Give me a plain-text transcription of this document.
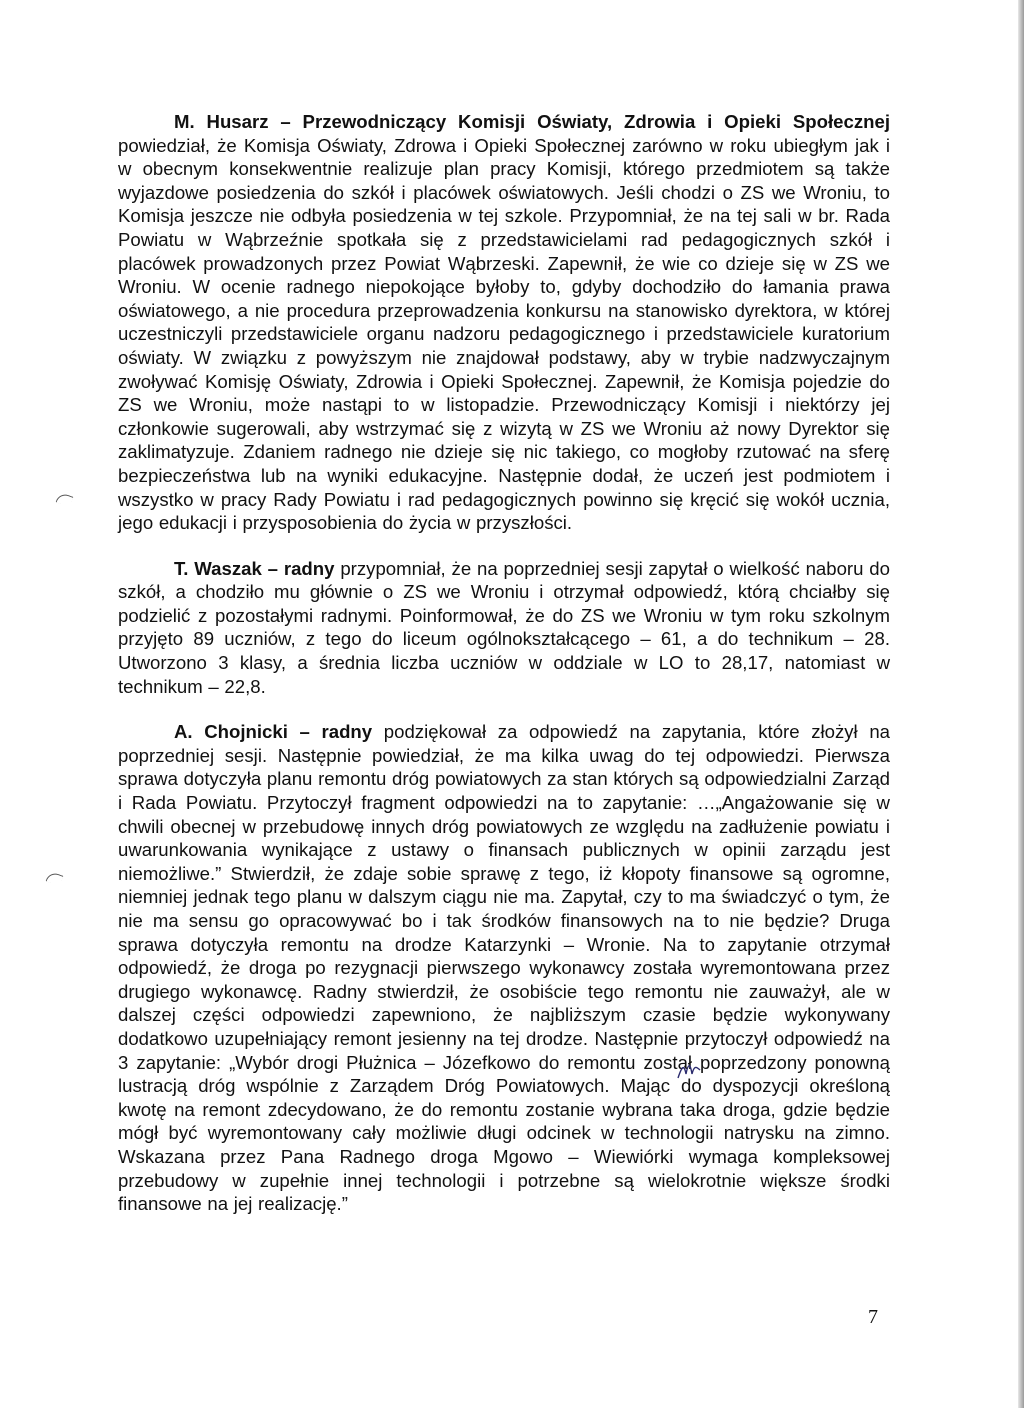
M. Husarz – Przewodniczący Komisji Oświaty, Zdrowia i Opieki Społecznej powiedział, że Komisja Oświaty, Zdrowa i Opieki Społecznej zarówno w roku ubiegłym jak i w obecnym konsekwentnie realizuje plan pracy Komisji, którego przedmiotem są także wyjazdowe posiedzenia do szkół i placówek oświatowych. Jeśli chodzi o ZS we Wroniu, to Komisja jeszcze nie odbyła posiedzenia w tej szkole. Przypomniał, że na tej sali w br. Rada Powiatu w Wąbrzeźnie spotkała się z przedstawicielami rad pedagogicznych szkół i placówek prowadzonych przez Powiat Wąbrzeski. Zapewnił, że wie co dzieje się w ZS we Wroniu. W ocenie radnego niepokojące byłoby to, gdyby dochodziło do łamania prawa oświatowego, a nie procedura przeprowadzenia konkursu na stanowisko dyrektora, w której uczestniczyli przedstawiciele organu nadzoru pedagogicznego i przedstawiciele kuratorium oświaty. W związku z powyższym nie znajdował podstawy, aby w trybie nadzwyczajnym zwoływać Komisję Oświaty, Zdrowia i Opieki Społecznej. Zapewnił, że Komisja pojedzie do ZS we Wroniu, może nastąpi to w listopadzie. Przewodniczący Komisji i niektórzy jej członkowie sugerowali, aby wstrzymać się z wizytą w ZS we Wroniu aż nowy Dyrektor się zaklimatyzuje. Zdaniem radnego nie dzieje się nic takiego, co mogłoby rzutować na sferę bezpieczeństwa lub na wyniki edukacyjne. Następnie dodał, że uczeń jest podmiotem i wszystko w pracy Rady Powiatu i rad pedagogicznych powinno się kręcić się wokół ucznia, jego edukacji i przysposobienia do życia w przyszłości.

T. Waszak – radny przypomniał, że na poprzedniej sesji zapytał o wielkość naboru do szkół, a chodziło mu głównie o ZS we Wroniu i otrzymał odpowiedź, którą chciałby się podzielić z pozostałymi radnymi. Poinformował, że do ZS we Wroniu w tym roku szkolnym przyjęto 89 uczniów, z tego do liceum ogólnokształcącego – 61, a do technikum – 28. Utworzono 3 klasy, a średnia liczba uczniów w oddziale w LO to 28,17, natomiast w technikum – 22,8.

A. Chojnicki – radny podziękował za odpowiedź na zapytania, które złożył na poprzedniej sesji. Następnie powiedział, że ma kilka uwag do tej odpowiedzi. Pierwsza sprawa dotyczyła planu remontu dróg powiatowych za stan których są odpowiedzialni Zarząd i Rada Powiatu. Przytoczył fragment odpowiedzi na to zapytanie: …„Angażowanie się w chwili obecnej w przebudowę innych dróg powiatowych ze względu na zadłużenie powiatu i uwarunkowania wynikające z ustawy o finansach publicznych w opinii zarządu jest niemożliwe.” Stwierdził, że zdaje sobie sprawę z tego, iż kłopoty finansowe są ogromne, niemniej jednak tego planu w dalszym ciągu nie ma. Zapytał, czy to ma świadczyć o tym, że nie ma sensu go opracowywać bo i tak środków finansowych na to nie będzie? Druga sprawa dotyczyła remontu na drodze Katarzynki – Wronie. Na to zapytanie otrzymał odpowiedź, że droga po rezygnacji pierwszego wykonawcy została wyremontowana przez drugiego wykonawcę. Radny stwierdził, że osobiście tego remontu nie zauważył, ale w dalszej części odpowiedzi zapewniono, że najbliższym czasie będzie wykonywany dodatkowo uzupełniający remont jesienny na tej drodze. Następnie przytoczył odpowiedź na 3 zapytanie: „Wybór drogi Płużnica – Józefkowo do remontu został poprzedzony ponowną lustracją dróg wspólnie z Zarządem Dróg Powiatowych. Mając do dyspozycji określoną kwotę na remont zdecydowano, że do remontu zostanie wybrana taka droga, gdzie będzie mógł być wyremontowany cały możliwie długi odcinek w technologii natrysku na zimno. Wskazana przez Pana Radnego droga Mgowo – Wiewiórki wymaga kompleksowej przebudowy w zupełnie innej technologii i potrzebne są wielokrotnie większe środki finansowe na jej realizację.”

7
